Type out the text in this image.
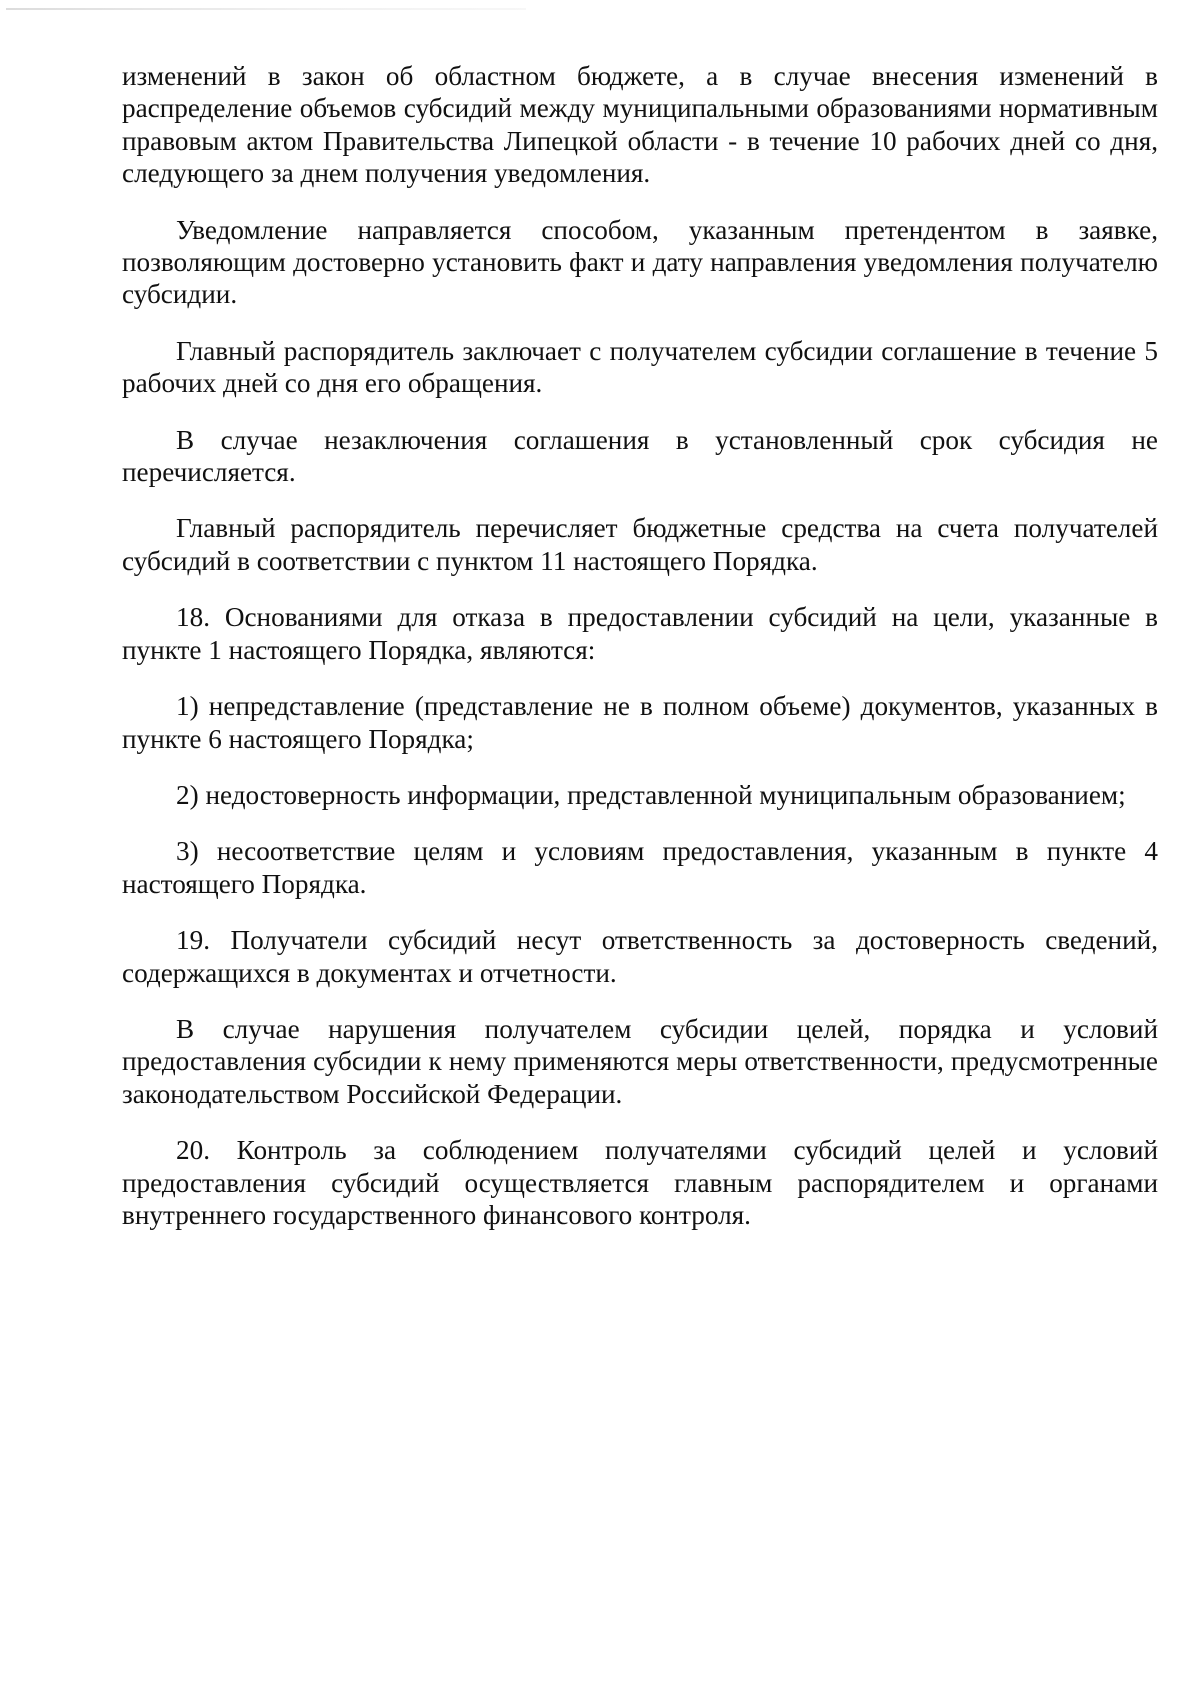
изменений в закон об областном бюджете, а в случае внесения изменений в распределение объемов субсидий между муниципальными образованиями нормативным правовым актом Правительства Липецкой области - в течение 10 рабочих дней со дня, следующего за днем получения уведомления.

Уведомление направляется способом, указанным претендентом в заявке, позволяющим достоверно установить факт и дату направления уведомления получателю субсидии.

Главный распорядитель заключает с получателем субсидии соглашение в течение 5 рабочих дней со дня его обращения.

В случае незаключения соглашения в установленный срок субсидия не перечисляется.

Главный распорядитель перечисляет бюджетные средства на счета получателей субсидий в соответствии с пунктом 11 настоящего Порядка.

18. Основаниями для отказа в предоставлении субсидий на цели, указанные в пункте 1 настоящего Порядка, являются:

1) непредставление (представление не в полном объеме) документов, указанных в пункте 6 настоящего Порядка;

2) недостоверность информации, представленной муниципальным образованием;

3) несоответствие целям и условиям предоставления, указанным в пункте 4 настоящего Порядка.

19. Получатели субсидий несут ответственность за достоверность сведений, содержащихся в документах и отчетности.

В случае нарушения получателем субсидии целей, порядка и условий предоставления субсидии к нему применяются меры ответственности, предусмотренные законодательством Российской Федерации.

20. Контроль за соблюдением получателями субсидий целей и условий предоставления субсидий осуществляется главным распорядителем и органами внутреннего государственного финансового контроля.
